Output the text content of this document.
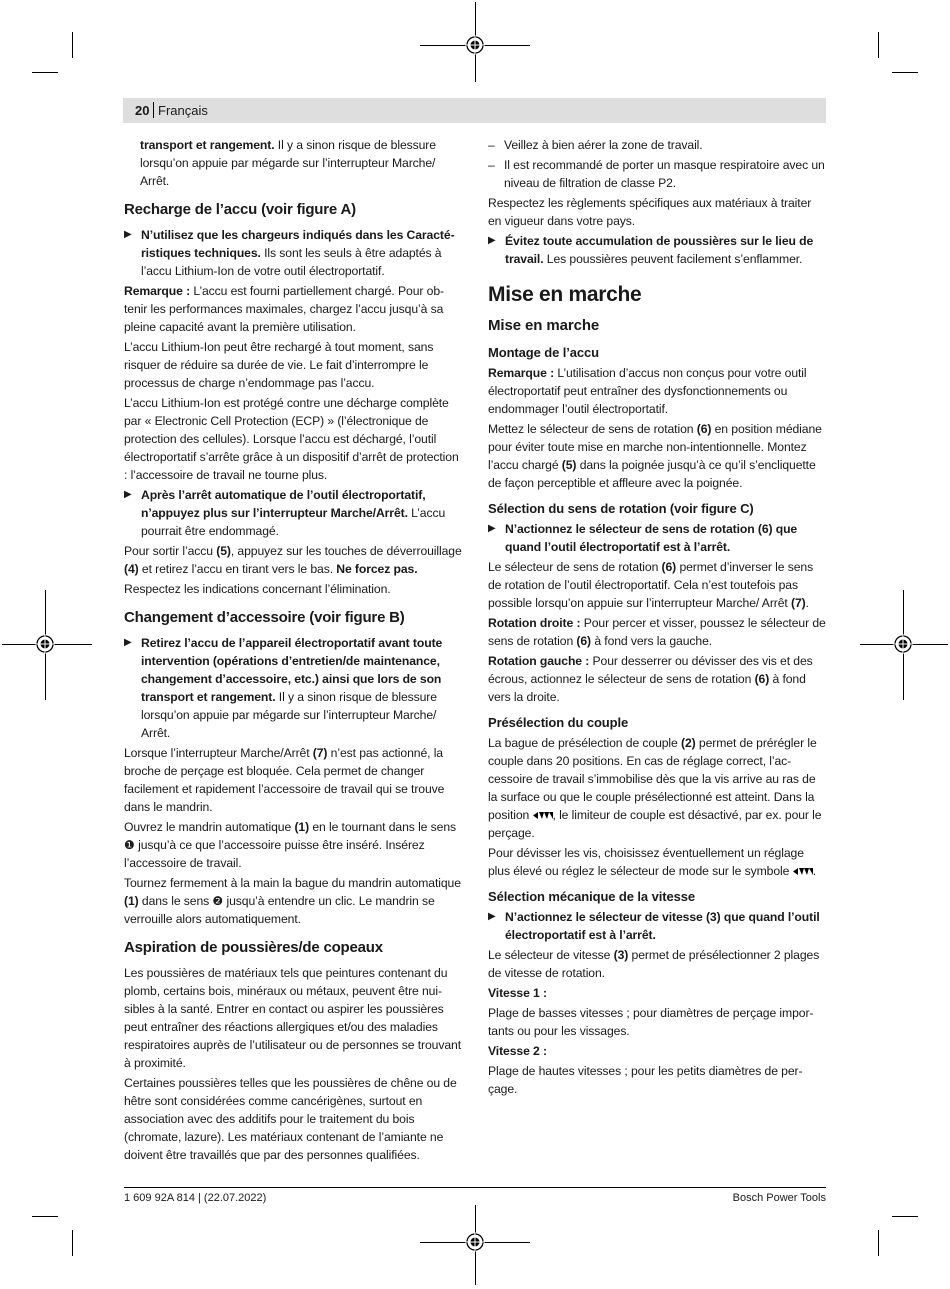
20 Français

transport et rangement. Il y a sinon risque de blessure lorsqu’on appuie par mégarde sur l’interrupteur Marche/ Arrêt.

Recharge de l’accu (voir figure A)
▶ N’utilisez que les chargeurs indiqués dans les Caractéristiques techniques. Ils sont les seuls à être adaptés à l’accu Lithium-Ion de votre outil électroportatif.

Remarque : L’accu est fourni partiellement chargé. Pour obtenir les performances maximales, chargez l’accu jusqu’à sa pleine capacité avant la première utilisation.

L’accu Lithium-Ion peut être rechargé à tout moment, sans risquer de réduire sa durée de vie. Le fait d’interrompre le processus de charge n’endommage pas l’accu.

L’accu Lithium-Ion est protégé contre une décharge complète par « Electronic Cell Protection (ECP) » (l’électronique de protection des cellules). Lorsque l’accu est déchargé, l’outil électroportatif s’arrête grâce à un dispositif d’arrêt de protection : l’accessoire de travail ne tourne plus.

▶ Après l’arrêt automatique de l’outil électroportatif, n’appuyez plus sur l’interrupteur Marche/Arrêt. L’accu pourrait être endommagé.

Pour sortir l’accu (5), appuyez sur les touches de déverrouillage (4) et retirez l’accu en tirant vers le bas. Ne forcez pas.

Respectez les indications concernant l’élimination.

Changement d’accessoire (voir figure B)
▶ Retirez l’accu de l’appareil électroportatif avant toute intervention (opérations d’entretien/de maintenance, changement d’accessoire, etc.) ainsi que lors de son transport et rangement. Il y a sinon risque de blessure lorsqu’on appuie par mégarde sur l’interrupteur Marche/ Arrêt.

Lorsque l’interrupteur Marche/Arrêt (7) n’est pas actionné, la broche de perçage est bloquée. Cela permet de changer facilement et rapidement l’accessoire de travail qui se trouve dans le mandrin.

Ouvrez le mandrin automatique (1) en le tournant dans le sens ❶ jusqu’à ce que l’accessoire puisse être inséré. Insérez l’accessoire de travail.

Tournez fermement à la main la bague du mandrin automatique (1) dans le sens ❷ jusqu’à entendre un clic. Le mandrin se verrouille alors automatiquement.

Aspiration de poussières/de copeaux

Les poussières de matériaux tels que peintures contenant du plomb, certains bois, minéraux ou métaux, peuvent être nuisibles à la santé. Entrer en contact ou aspirer les poussières peut entraîner des réactions allergiques et/ou des maladies respiratoires auprès de l’utilisateur ou de personnes se trouvant à proximité.

Certaines poussières telles que les poussières de chêne ou de hêtre sont considérées comme cancérigènes, surtout en association avec des additifs pour le traitement du bois (chromate, lazure). Les matériaux contenant de l’amiante ne doivent être travaillés que par des personnes qualifiées.

– Veillez à bien aérer la zone de travail.
– Il est recommandé de porter un masque respiratoire avec un niveau de filtration de classe P2.

Respectez les règlements spécifiques aux matériaux à traiter en vigueur dans votre pays.

▶ Évitez toute accumulation de poussières sur le lieu de travail. Les poussières peuvent facilement s’enflammer.
Mise en marche
Mise en marche
Montage de l’accu

Remarque : L’utilisation d’accus non conçus pour votre outil électroportatif peut entraîner des dysfonctionnements ou endommager l’outil électroportatif.

Mettez le sélecteur de sens de rotation (6) en position médiane pour éviter toute mise en marche non-intentionnelle. Montez l’accu chargé (5) dans la poignée jusqu’à ce qu’il s’encliquette de façon perceptible et affleure avec la poignée.

Sélection du sens de rotation (voir figure C)
▶ N’actionnez le sélecteur de sens de rotation (6) que quand l’outil électroportatif est à l’arrêt.

Le sélecteur de sens de rotation (6) permet d’inverser le sens de rotation de l’outil électroportatif. Cela n’est toutefois pas possible lorsqu’on appuie sur l’interrupteur Marche/ Arrêt (7).

Rotation droite : Pour percer et visser, poussez le sélecteur de sens de rotation (6) à fond vers la gauche.

Rotation gauche : Pour desserrer ou dévisser des vis et des écrous, actionnez le sélecteur de sens de rotation (6) à fond vers la droite.

Présélection du couple

La bague de présélection de couple (2) permet de prérégler le couple dans 20 positions. En cas de réglage correct, l’accessoire de travail s’immobilise dès que la vis arrive au ras de la surface ou que le couple présélectionné est atteint. Dans la position , le limiteur de couple est désactivé, par ex. pour le perçage.

Pour dévisser les vis, choisissez éventuellement un réglage plus élevé ou réglez le sélecteur de mode sur le symbole .

Sélection mécanique de la vitesse
▶ N’actionnez le sélecteur de vitesse (3) que quand l’outil électroportatif est à l’arrêt.

Le sélecteur de vitesse (3) permet de présélectionner 2 plages de vitesse de rotation.

Vitesse 1 :

Plage de basses vitesses ; pour diamètres de perçage importants ou pour les vissages.

Vitesse 2 :

Plage de hautes vitesses ; pour les petits diamètres de perçage.

1 609 92A 814 | (22.07.2022)	Bosch Power Tools
